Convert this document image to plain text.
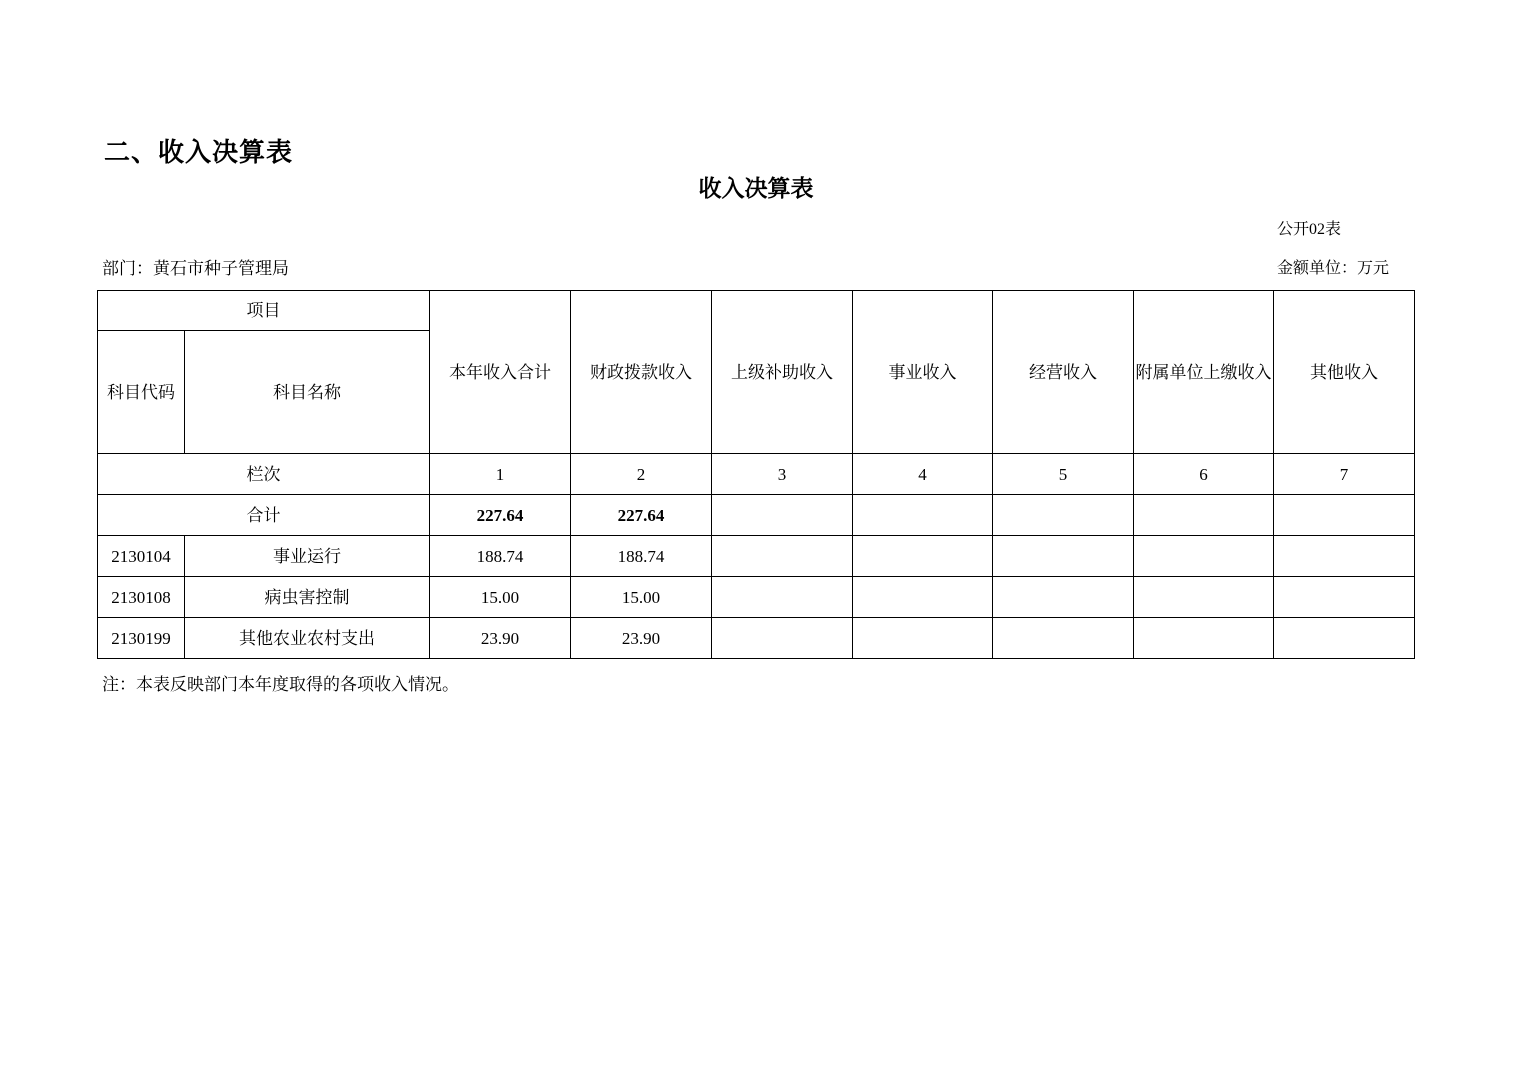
二、收入决算表
收入决算表
公开02表
部门：黄石市种子管理局	金额单位：万元
项目		本年收入合计	财政拨款收入	上级补助收入	事业收入	经营收入	附属单位上缴收入	其他收入
科目代码	科目名称							
栏次		1	2	3	4	5	6	7
合计		227.64	227.64					
2130104	事业运行	188.74	188.74					
2130108	病虫害控制	15.00	15.00					
2130199	其他农业农村支出	23.90	23.90					
注：本表反映部门本年度取得的各项收入情况。
